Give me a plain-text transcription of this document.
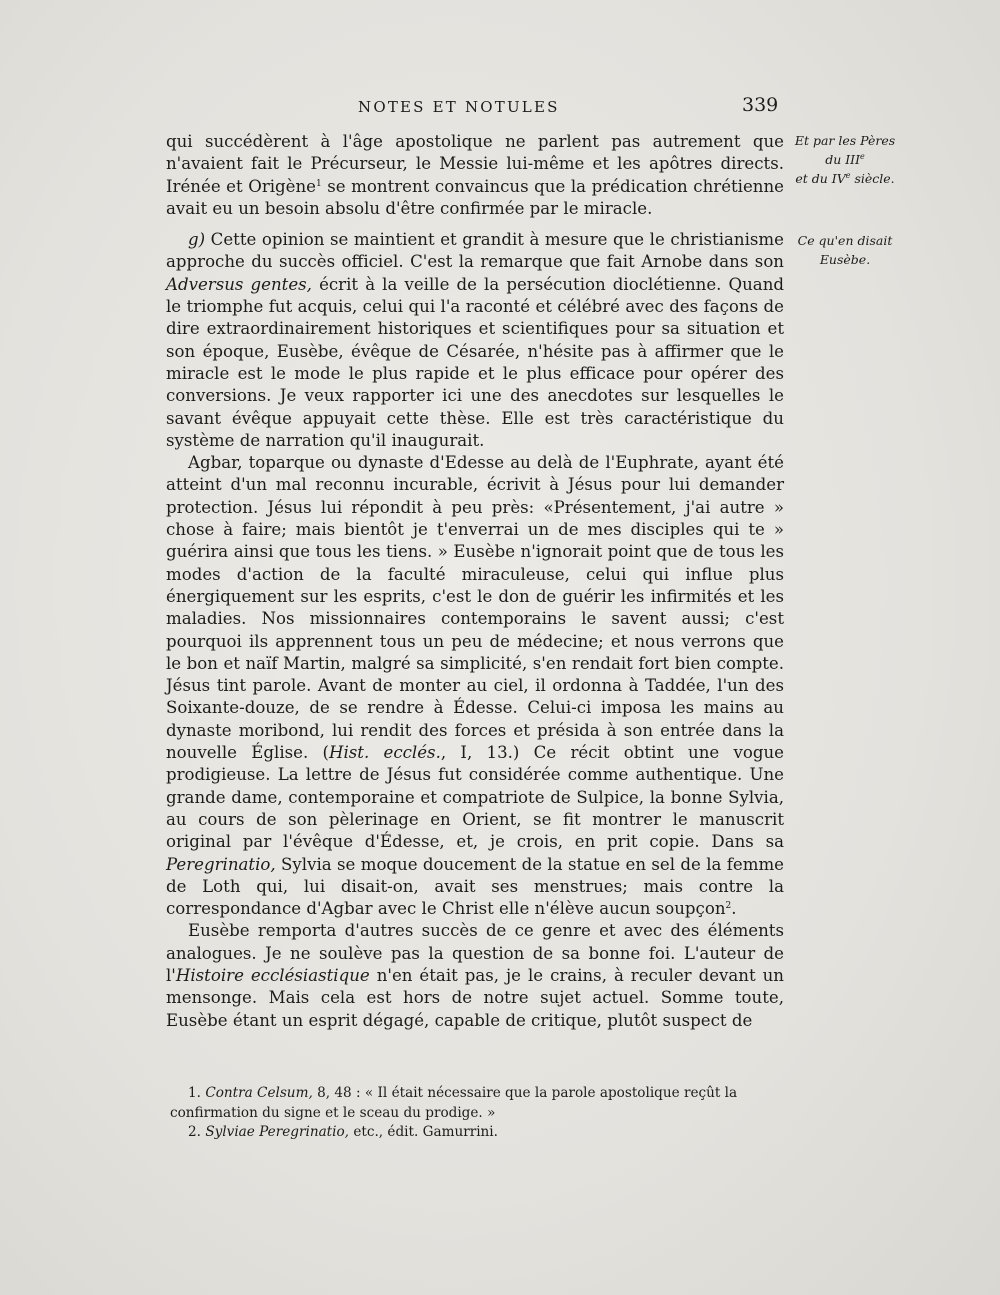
NOTES ET NOTULES	339
Et par les Pères
du IIIe
et du IVe siècle.
Ce qu'en disait
Eusèbe.

qui succédèrent à l'âge apostolique ne parlent pas autrement que n'avaient fait le Précurseur, le Messie lui-même et les apôtres directs. Irénée et Origène$^1$ se montrent convaincus que la prédication chrétienne avait eu un besoin absolu d'être confirmée par le miracle.

g) Cette opinion se maintient et grandit à mesure que le christianisme approche du succès officiel. C'est la remarque que fait Arnobe dans son Adversus gentes, écrit à la veille de la persécution dioclétienne. Quand le triomphe fut acquis, celui qui l'a raconté et célébré avec des façons de dire extraordinairement historiques et scientifiques pour sa situation et son époque, Eusèbe, évêque de Césarée, n'hésite pas à affirmer que le miracle est le mode le plus rapide et le plus efficace pour opérer des conversions. Je veux rapporter ici une des anecdotes sur lesquelles le savant évêque appuyait cette thèse. Elle est très caractéristique du système de narration qu'il inaugurait.

Agbar, toparque ou dynaste d'Edesse au delà de l'Euphrate, ayant été atteint d'un mal reconnu incurable, écrivit à Jésus pour lui demander protection. Jésus lui répondit à peu près: «Présentement, j'ai autre » chose à faire; mais bientôt je t'enverrai un de mes disciples qui te » guérira ainsi que tous les tiens. » Eusèbe n'ignorait point que de tous les modes d'action de la faculté miraculeuse, celui qui influe plus énergiquement sur les esprits, c'est le don de guérir les infirmités et les maladies. Nos missionnaires contemporains le savent aussi; c'est pourquoi ils apprennent tous un peu de médecine; et nous verrons que le bon et naïf Martin, malgré sa simplicité, s'en rendait fort bien compte. Jésus tint parole. Avant de monter au ciel, il ordonna à Taddée, l'un des Soixante-douze, de se rendre à Édesse. Celui-ci imposa les mains au dynaste moribond, lui rendit des forces et présida à son entrée dans la nouvelle Église. (Hist. ecclés., I, 13.) Ce récit obtint une vogue prodigieuse. La lettre de Jésus fut considérée comme authentique. Une grande dame, contemporaine et compatriote de Sulpice, la bonne Sylvia, au cours de son pèlerinage en Orient, se fit montrer le manuscrit original par l'évêque d'Édesse, et, je crois, en prit copie. Dans sa Peregrinatio, Sylvia se moque doucement de la statue en sel de la femme de Loth qui, lui disait-on, avait ses menstrues; mais contre la correspondance d'Agbar avec le Christ elle n'élève aucun soupçon$^2$.

Eusèbe remporta d'autres succès de ce genre et avec des éléments analogues. Je ne soulève pas la question de sa bonne foi. L'auteur de l'Histoire ecclésiastique n'en était pas, je le crains, à reculer devant un mensonge. Mais cela est hors de notre sujet actuel. Somme toute, Eusèbe étant un esprit dégagé, capable de critique, plutôt suspect de

1. Contra Celsum, 8, 48 : « Il était nécessaire que la parole apostolique reçût la confirmation du signe et le sceau du prodige. »

2. Sylviae Peregrinatio, etc., édit. Gamurrini.
